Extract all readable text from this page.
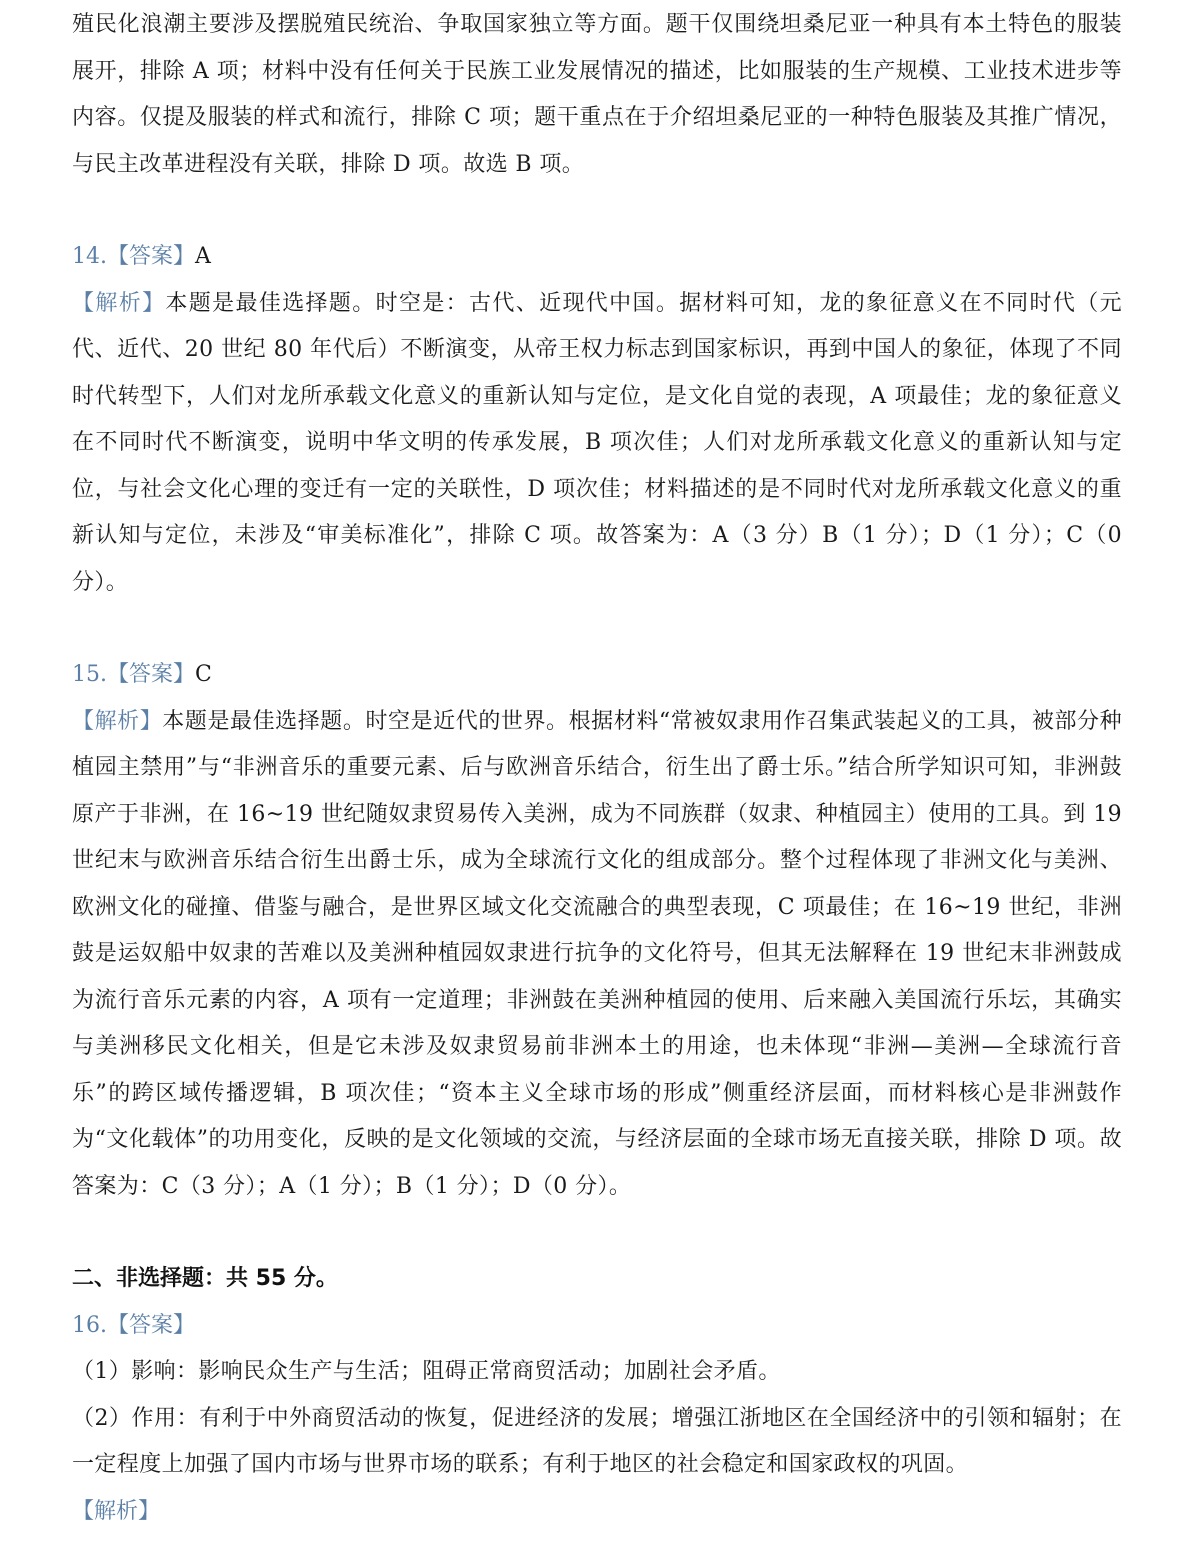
殖民化浪潮主要涉及摆脱殖民统治、争取国家独立等方面。题干仅围绕坦桑尼亚一种具有本土特色的服装展开，排除 A 项；材料中没有任何关于民族工业发展情况的描述，比如服装的生产规模、工业技术进步等内容。仅提及服装的样式和流行，排除 C 项；题干重点在于介绍坦桑尼亚的一种特色服装及其推广情况，与民主改革进程没有关联，排除 D 项。故选 B 项。

14.【答案】A

【解析】本题是最佳选择题。时空是：古代、近现代中国。据材料可知，龙的象征意义在不同时代（元代、近代、20 世纪 80 年代后）不断演变，从帝王权力标志到国家标识，再到中国人的象征，体现了不同时代转型下，人们对龙所承载文化意义的重新认知与定位，是文化自觉的表现，A 项最佳；龙的象征意义在不同时代不断演变，说明中华文明的传承发展，B 项次佳；人们对龙所承载文化意义的重新认知与定位，与社会文化心理的变迁有一定的关联性，D 项次佳；材料描述的是不同时代对龙所承载文化意义的重新认知与定位，未涉及“审美标准化”，排除 C 项。故答案为：A（3 分）B（1 分）；D（1 分）；C（0 分）。

15.【答案】C

【解析】本题是最佳选择题。时空是近代的世界。根据材料“常被奴隶用作召集武装起义的工具，被部分种植园主禁用”与“非洲音乐的重要元素、后与欧洲音乐结合，衍生出了爵士乐。”结合所学知识可知，非洲鼓原产于非洲，在 16~19 世纪随奴隶贸易传入美洲，成为不同族群（奴隶、种植园主）使用的工具。到 19 世纪末与欧洲音乐结合衍生出爵士乐，成为全球流行文化的组成部分。整个过程体现了非洲文化与美洲、欧洲文化的碰撞、借鉴与融合，是世界区域文化交流融合的典型表现，C 项最佳；在 16~19 世纪，非洲鼓是运奴船中奴隶的苦难以及美洲种植园奴隶进行抗争的文化符号，但其无法解释在 19 世纪末非洲鼓成为流行音乐元素的内容，A 项有一定道理；非洲鼓在美洲种植园的使用、后来融入美国流行乐坛，其确实与美洲移民文化相关，但是它未涉及奴隶贸易前非洲本土的用途，也未体现“非洲—美洲—全球流行音乐”的跨区域传播逻辑，B 项次佳；“资本主义全球市场的形成”侧重经济层面，而材料核心是非洲鼓作为“文化载体”的功用变化，反映的是文化领域的交流，与经济层面的全球市场无直接关联，排除 D 项。故答案为：C（3 分）；A（1 分）；B（1 分）；D（0 分）。

二、非选择题：共 55 分。

16.【答案】

（1）影响：影响民众生产与生活；阻碍正常商贸活动；加剧社会矛盾。

（2）作用：有利于中外商贸活动的恢复，促进经济的发展；增强江浙地区在全国经济中的引领和辐射；在一定程度上加强了国内市场与世界市场的联系；有利于地区的社会稳定和国家政权的巩固。

【解析】
